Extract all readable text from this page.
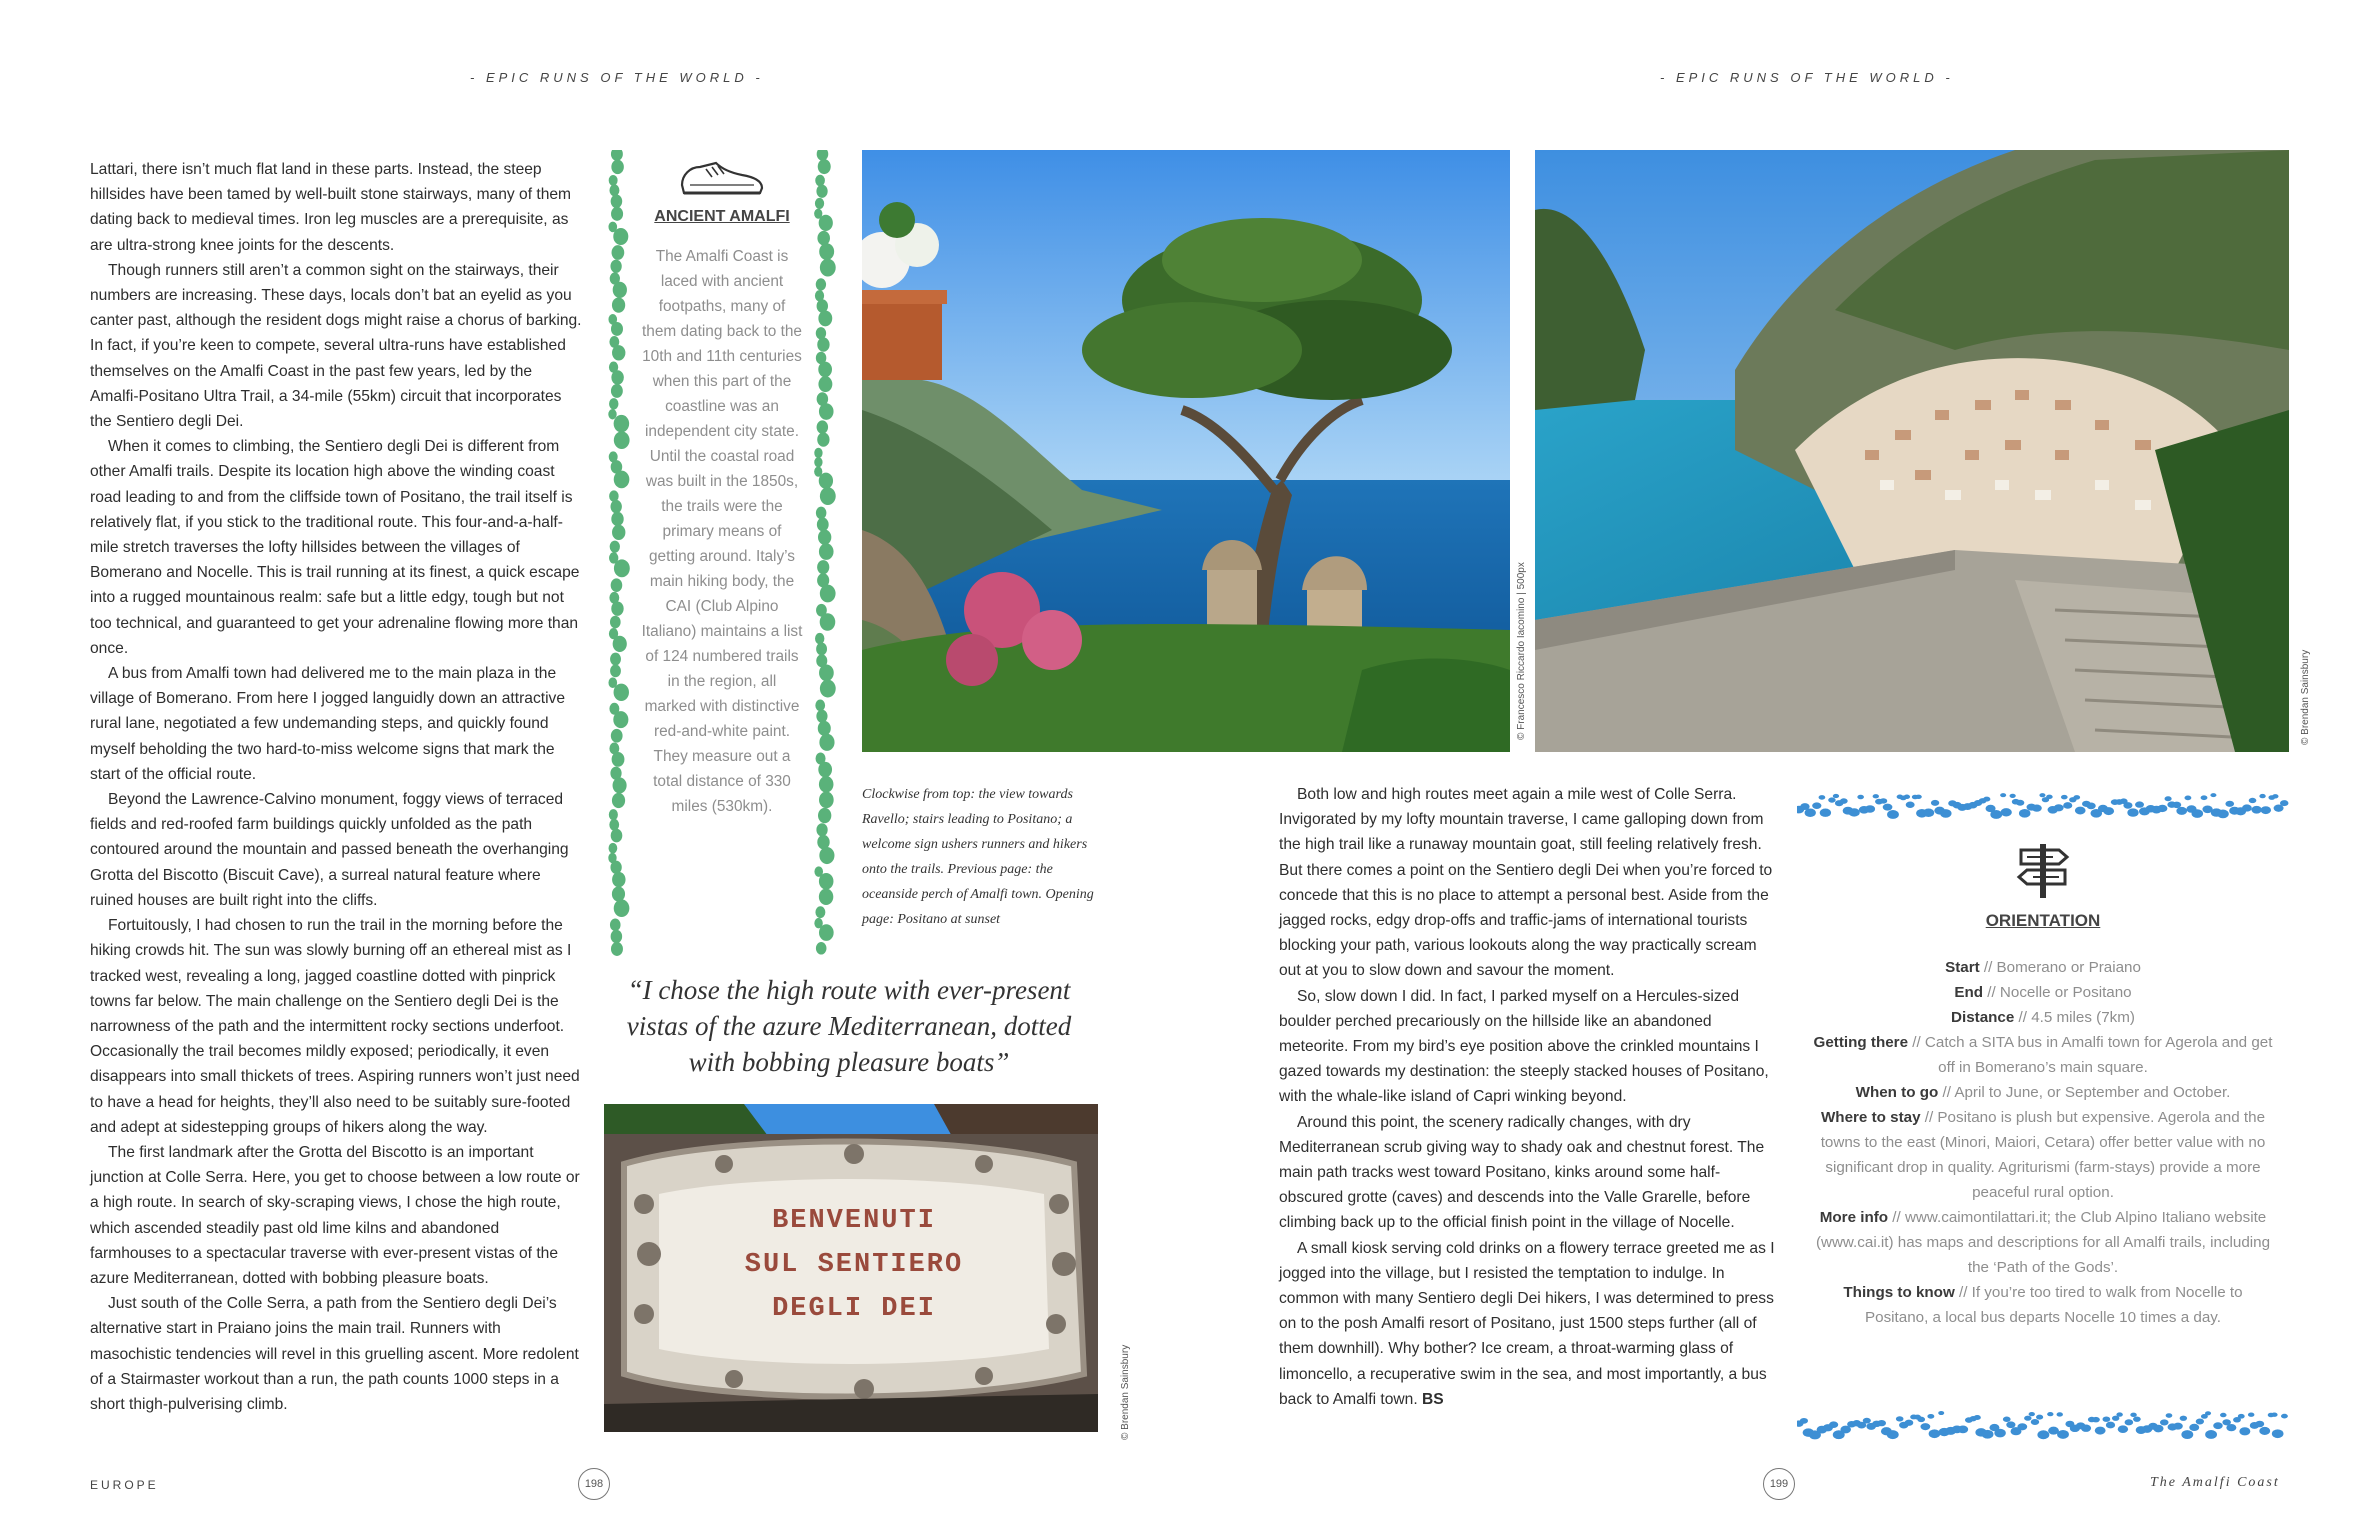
- EPIC RUNS OF THE WORLD -	- EPIC RUNS OF THE WORLD -

Lattari, there isn’t much flat land in these parts. Instead, the steep hillsides have been tamed by well-built stone stairways, many of them dating back to medieval times. Iron leg muscles are a prerequisite, as are ultra-strong knee joints for the descents.

Though runners still aren’t a common sight on the stairways, their numbers are increasing. These days, locals don’t bat an eyelid as you canter past, although the resident dogs might raise a chorus of barking. In fact, if you’re keen to compete, several ultra-runs have established themselves on the Amalfi Coast in the past few years, led by the Amalfi-Positano Ultra Trail, a 34-mile (55km) circuit that incorporates the Sentiero degli Dei.

When it comes to climbing, the Sentiero degli Dei is different from other Amalfi trails. Despite its location high above the winding coast road leading to and from the cliffside town of Positano, the trail itself is relatively flat, if you stick to the traditional route. This four-and-a-half-mile stretch traverses the lofty hillsides between the villages of Bomerano and Nocelle. This is trail running at its finest, a quick escape into a rugged mountainous realm: safe but a little edgy, tough but not too technical, and guaranteed to get your adrenaline flowing more than once.

A bus from Amalfi town had delivered me to the main plaza in the village of Bomerano. From here I jogged languidly down an attractive rural lane, negotiated a few undemanding steps, and quickly found myself beholding the two hard-to-miss welcome signs that mark the start of the official route.

Beyond the Lawrence-Calvino monument, foggy views of terraced fields and red-roofed farm buildings quickly unfolded as the path contoured around the mountain and passed beneath the overhanging Grotta del Biscotto (Biscuit Cave), a surreal natural feature where ruined houses are built right into the cliffs.

Fortuitously, I had chosen to run the trail in the morning before the hiking crowds hit. The sun was slowly burning off an ethereal mist as I tracked west, revealing a long, jagged coastline dotted with pinprick towns far below. The main challenge on the Sentiero degli Dei is the narrowness of the path and the intermittent rocky sections underfoot. Occasionally the trail becomes mildly exposed; periodically, it even disappears into small thickets of trees. Aspiring runners won’t just need to have a head for heights, they’ll also need to be suitably sure-footed and adept at sidestepping groups of hikers along the way.

The first landmark after the Grotta del Biscotto is an important junction at Colle Serra. Here, you get to choose between a low route or a high route. In search of sky-scraping views, I chose the high route, which ascended steadily past old lime kilns and abandoned farmhouses to a spectacular traverse with ever-present vistas of the azure Mediterranean, dotted with bobbing pleasure boats.

Just south of the Colle Serra, a path from the Sentiero degli Dei’s alternative start in Praiano joins the main trail. Runners with masochistic tendencies will revel in this gruelling ascent. More redolent of a Stairmaster workout than a run, the path counts 1000 steps in a short thigh-pulverising climb.

ANCIENT AMALFI
The Amalfi Coast is laced with ancient footpaths, many of them dating back to the 10th and 11th centuries when this part of the coastline was an independent city state. Until the coastal road was built in the 1850s, the trails were the primary means of getting around. Italy’s main hiking body, the CAI (Club Alpino Italiano) maintains a list of 124 numbered trails in the region, all marked with distinctive red-and-white paint. They measure out a total distance of 330 miles (530km).
© Francesco Riccardo Iacomino | 500px	© Brendan Sainsbury
Clockwise from top: the view towards Ravello; stairs leading to Positano; a welcome sign ushers runners and hikers onto the trails. Previous page: the oceanside perch of Amalfi town. Opening page: Positano at sunset
“I chose the high route with ever-present vistas of the azure Mediterranean, dotted with bobbing pleasure boats”
BENVENUTI
SUL SENTIERO
DEGLI DEI
© Brendan Sainsbury

Both low and high routes meet again a mile west of Colle Serra. Invigorated by my lofty mountain traverse, I came galloping down from the high trail like a runaway mountain goat, still feeling relatively fresh. But there comes a point on the Sentiero degli Dei when you’re forced to concede that this is no place to attempt a personal best. Aside from the jagged rocks, edgy drop-offs and traffic-jams of international tourists blocking your path, various lookouts along the way practically scream out at you to slow down and savour the moment.

So, slow down I did. In fact, I parked myself on a Hercules-sized boulder perched precariously on the hillside like an abandoned meteorite. From my bird’s eye position above the crinkled mountains I gazed towards my destination: the steeply stacked houses of Positano, with the whale-like island of Capri winking beyond.

Around this point, the scenery radically changes, with dry Mediterranean scrub giving way to shady oak and chestnut forest. The main path tracks west toward Positano, kinks around some half-obscured grotte (caves) and descends into the Valle Grarelle, before climbing back up to the official finish point in the village of Nocelle.

A small kiosk serving cold drinks on a flowery terrace greeted me as I jogged into the village, but I resisted the temptation to indulge. In common with many Sentiero degli Dei hikers, I was determined to press on to the posh Amalfi resort of Positano, just 1500 steps further (all of them downhill). Why bother? Ice cream, a throat-warming glass of limoncello, a recuperative swim in the sea, and most importantly, a bus back to Amalfi town. BS

ORIENTATION
Start // Bomerano or Praiano
End // Nocelle or Positano
Distance // 4.5 miles (7km)
Getting there // Catch a SITA bus in Amalfi town for Agerola and get off in Bomerano’s main square.
When to go // April to June, or September and October.
Where to stay // Positano is plush but expensive. Agerola and the towns to the east (Minori, Maiori, Cetara) offer better value with no significant drop in quality. Agriturismi (farm-stays) provide a more peaceful rural option.
More info // www.caimontilattari.it; the Club Alpino Italiano website (www.cai.it) has maps and descriptions for all Amalfi trails, including the ‘Path of the Gods’.
Things to know // If you’re too tired to walk from Nocelle to Positano, a local bus departs Nocelle 10 times a day.
EUROPE	198	199	The Amalfi Coast
